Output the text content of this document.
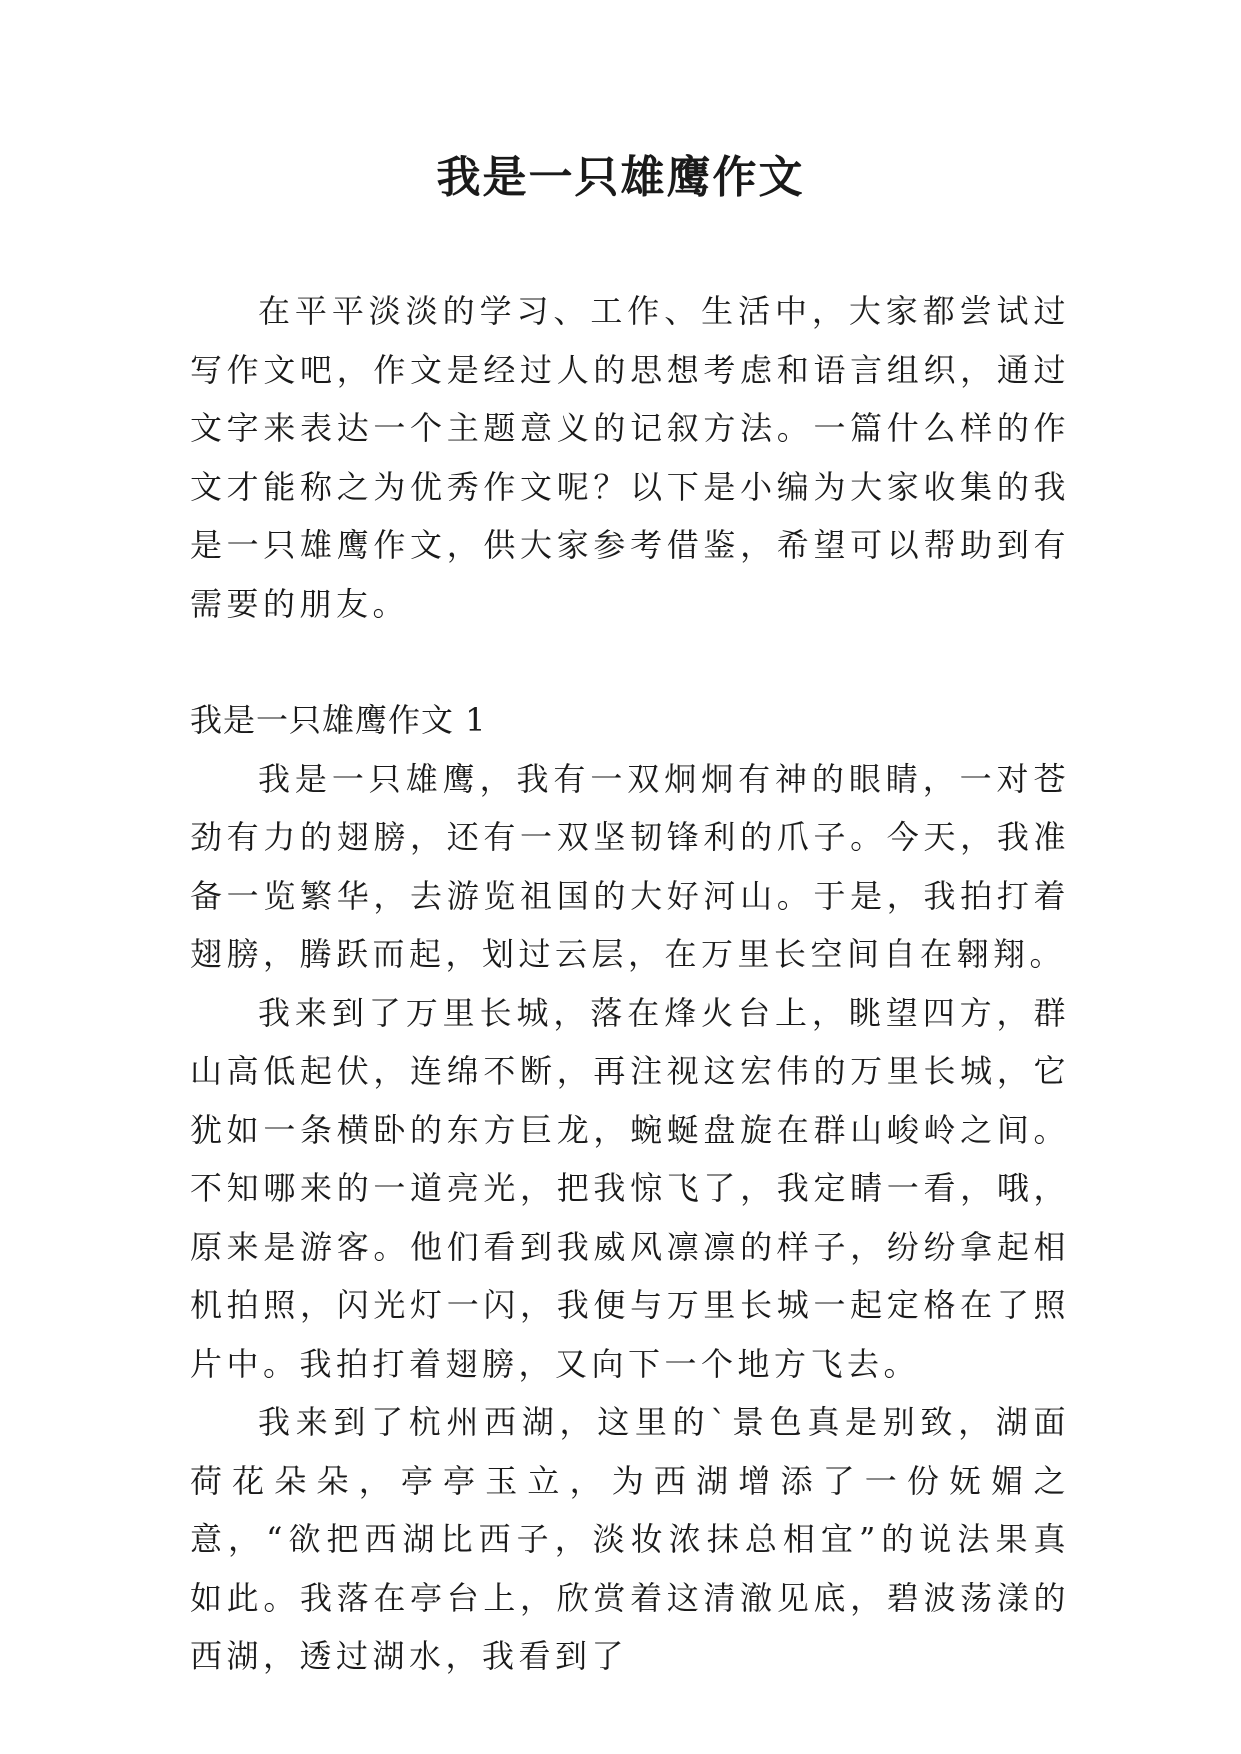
我是一只雄鹰作文

在平平淡淡的学习、工作、生活中，大家都尝试过写作文吧，作文是经过人的思想考虑和语言组织，通过文字来表达一个主题意义的记叙方法。一篇什么样的作文才能称之为优秀作文呢？以下是小编为大家收集的我是一只雄鹰作文，供大家参考借鉴，希望可以帮助到有需要的朋友。

我是一只雄鹰作文 1

我是一只雄鹰，我有一双炯炯有神的眼睛，一对苍劲有力的翅膀，还有一双坚韧锋利的爪子。今天，我准备一览繁华，去游览祖国的大好河山。于是，我拍打着翅膀，腾跃而起，划过云层，在万里长空间自在翱翔。

我来到了万里长城，落在烽火台上，眺望四方，群山高低起伏，连绵不断，再注视这宏伟的万里长城，它犹如一条横卧的东方巨龙，蜿蜒盘旋在群山峻岭之间。不知哪来的一道亮光，把我惊飞了，我定睛一看，哦，原来是游客。他们看到我威风凛凛的样子，纷纷拿起相机拍照，闪光灯一闪，我便与万里长城一起定格在了照片中。我拍打着翅膀，又向下一个地方飞去。

我来到了杭州西湖，这里的`景色真是别致，湖面荷花朵朵，亭亭玉立，为西湖增添了一份妩媚之意，“欲把西湖比西子，淡妆浓抹总相宜”的说法果真如此。我落在亭台上，欣赏着这清澈见底，碧波荡漾的西湖，透过湖水，我看到了
